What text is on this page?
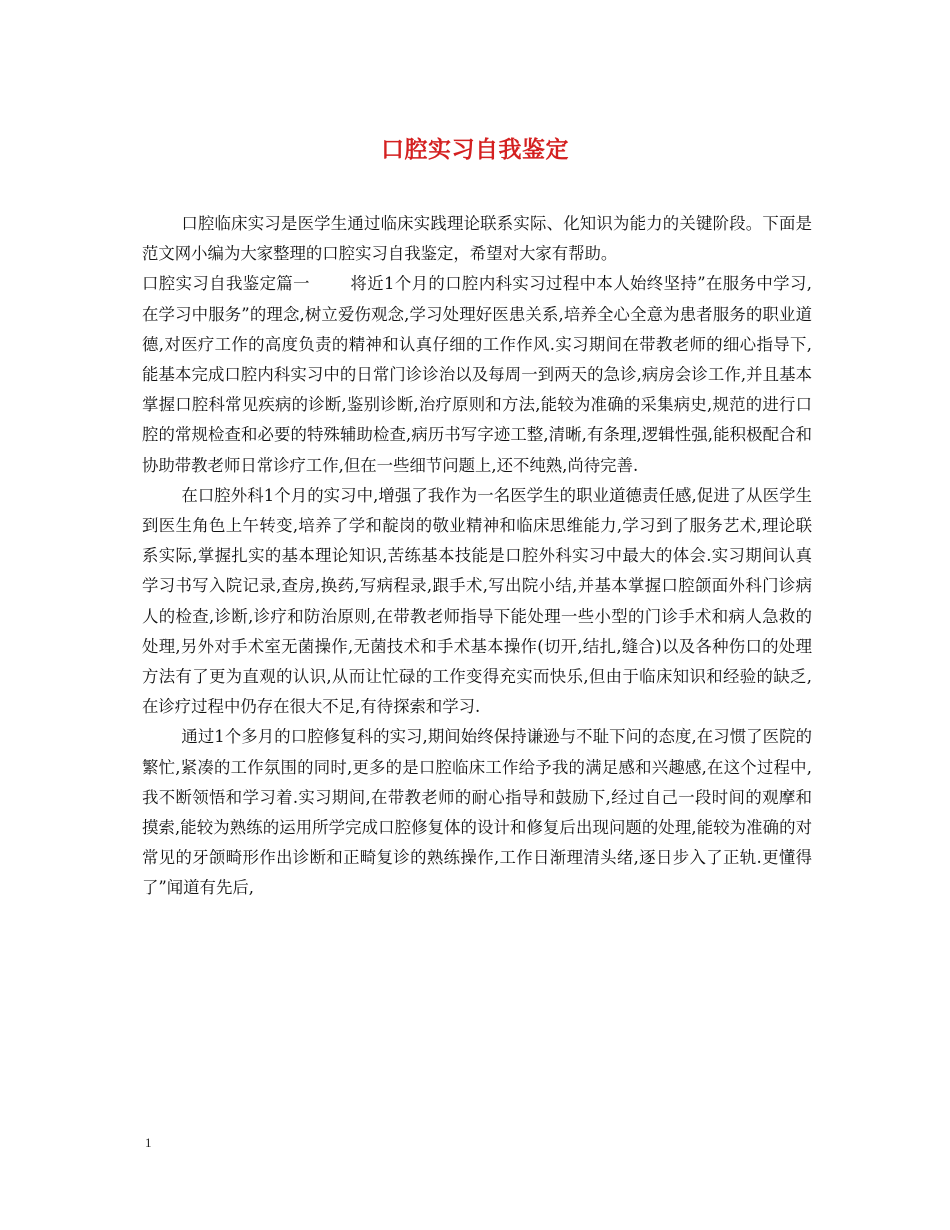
口腔实习自我鉴定

口腔临床实习是医学生通过临床实践理论联系实际、化知识为能力的关键阶段。下面是范文网小编为大家整理的口腔实习自我鉴定，希望对大家有帮助。

口腔实习自我鉴定篇一 将近1个月的口腔内科实习过程中本人始终坚持”在服务中学习,在学习中服务”的理念,树立爱伤观念,学习处理好医患关系,培养全心全意为患者服务的职业道德,对医疗工作的高度负责的精神和认真仔细的工作作风.实习期间在带教老师的细心指导下,能基本完成口腔内科实习中的日常门诊诊治以及每周一到两天的急诊,病房会诊工作,并且基本掌握口腔科常见疾病的诊断,鉴别诊断,治疗原则和方法,能较为准确的采集病史,规范的进行口腔的常规检查和必要的特殊辅助检查,病历书写字迹工整,清晰,有条理,逻辑性强,能积极配合和协助带教老师日常诊疗工作,但在一些细节问题上,还不纯熟,尚待完善.

在口腔外科1个月的实习中,增强了我作为一名医学生的职业道德责任感,促进了从医学生到医生角色上午转变,培养了学和靛岗的敬业精神和临床思维能力,学习到了服务艺术,理论联系实际,掌握扎实的基本理论知识,苦练基本技能是口腔外科实习中最大的体会.实习期间认真学习书写入院记录,查房,换药,写病程录,跟手术,写出院小结,并基本掌握口腔颌面外科门诊病人的检查,诊断,诊疗和防治原则,在带教老师指导下能处理一些小型的门诊手术和病人急救的处理,另外对手术室无菌操作,无菌技术和手术基本操作(切开,结扎,缝合)以及各种伤口的处理方法有了更为直观的认识,从而让忙碌的工作变得充实而快乐,但由于临床知识和经验的缺乏,在诊疗过程中仍存在很大不足,有待探索和学习.

通过1个多月的口腔修复科的实习,期间始终保持谦逊与不耻下问的态度,在习惯了医院的繁忙,紧凑的工作氛围的同时,更多的是口腔临床工作给予我的满足感和兴趣感,在这个过程中,我不断领悟和学习着.实习期间,在带教老师的耐心指导和鼓励下,经过自己一段时间的观摩和摸索,能较为熟练的运用所学完成口腔修复体的设计和修复后出现问题的处理,能较为准确的对常见的牙颌畸形作出诊断和正畸复诊的熟练操作,工作日渐理清头绪,逐日步入了正轨.更懂得了”闻道有先后,

1
